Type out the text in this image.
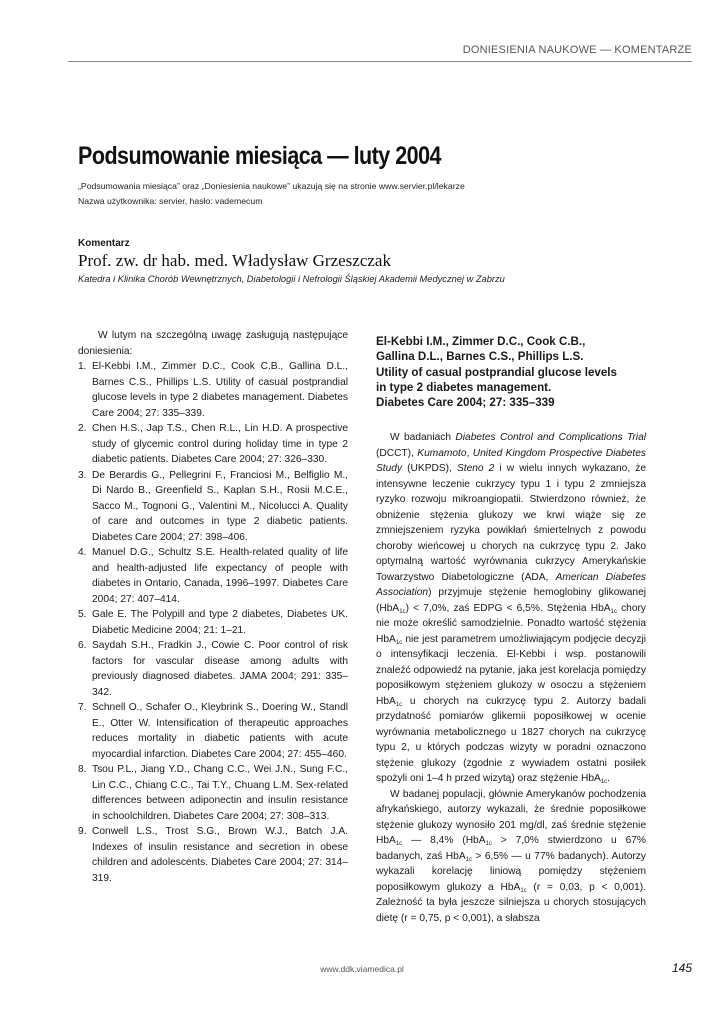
DONIESIENIA NAUKOWE — KOMENTARZE
Podsumowanie miesiąca — luty 2004
„Podsumowania miesiąca” oraz „Doniesienia naukowe” ukazują się na stronie www.servier.pl/lekarze
Nazwa użytkownika: servier, hasło: vademecum
Komentarz
Prof. zw. dr hab. med. Władysław Grzeszczak
Katedra i Klinika Chorób Wewnętrznych, Diabetologii i Nefrologii Śląskiej Akademii Medycznej w Zabrzu

W lutym na szczególną uwagę zasługują następujące doniesienia:

1. El-Kebbi I.M., Zimmer D.C., Cook C.B., Gallina D.L., Barnes C.S., Phillips L.S. Utility of casual postprandial glucose levels in type 2 diabetes management. Diabetes Care 2004; 27: 335–339.
2. Chen H.S., Jap T.S., Chen R.L., Lin H.D. A prospective study of glycemic control during holiday time in type 2 diabetic patients. Diabetes Care 2004; 27: 326–330.
3. De Berardis G., Pellegrini F., Franciosi M., Belfiglio M., Di Nardo B., Greenfield S., Kaplan S.H., Rosii M.C.E., Sacco M., Tognoni G., Valentini M., Nicolucci A. Quality of care and outcomes in type 2 diabetic patients. Diabetes Care 2004; 27: 398–406.
4. Manuel D.G., Schultz S.E. Health-related quality of life and health-adjusted life expectancy of people with diabetes in Ontario, Canada, 1996–1997. Diabetes Care 2004; 27: 407–414.
5. Gale E. The Polypill and type 2 diabetes, Diabetes UK. Diabetic Medicine 2004; 21: 1–21.
6. Saydah S.H., Fradkin J., Cowie C. Poor control of risk factors for vascular disease among adults with previously diagnosed diabetes. JAMA 2004; 291: 335–342.
7. Schnell O., Schafer O., Kleybrink S., Doering W., Standl E., Otter W. Intensification of therapeutic approaches reduces mortality in diabetic patients with acute myocardial infarction. Diabetes Care 2004; 27: 455–460.
8. Tsou P.L., Jiang Y.D., Chang C.C., Wei J.N., Sung F.C., Lin C.C., Chiang C.C., Tai T.Y., Chuang L.M. Sex-related differences between adiponectin and insulin resistance in schoolchildren. Diabetes Care 2004; 27: 308–313.
9. Conwell L.S., Trost S.G., Brown W.J., Batch J.A. Indexes of insulin resistance and secretion in obese children and adolescents. Diabetes Care 2004; 27: 314–319.
El-Kebbi I.M., Zimmer D.C., Cook C.B.,
Gallina D.L., Barnes C.S., Phillips L.S.
Utility of casual postprandial glucose levels
in type 2 diabetes management.
Diabetes Care 2004; 27: 335–339

W badaniach Diabetes Control and Complications Trial (DCCT), Kumamoto, United Kingdom Prospective Diabetes Study (UKPDS), Steno 2 i w wielu innych wykazano, że intensywne leczenie cukrzycy typu 1 i typu 2 zmniejsza ryzyko rozwoju mikroangiopatii. Stwierdzono również, że obniżenie stężenia glukozy we krwi wiąże się ze zmniejszeniem ryzyka powikłań śmiertelnych z powodu choroby wieńcowej u chorych na cukrzycę typu 2. Jako optymalną wartość wyrównania cukrzycy Amerykańskie Towarzystwo Diabetologiczne (ADA, American Diabetes Association) przyjmuje stężenie hemoglobiny glikowanej (HbA$_{1c}$) < 7,0%, zaś EDPG < 6,5%. Stężenia HbA$_{1c}$ chory nie może określić samodzielnie. Ponadto wartość stężenia HbA$_{1c}$ nie jest parametrem umożliwiającym podjęcie decyzji o intensyfikacji leczenia. El-Kebbi i wsp. postanowili znaleźć odpowiedź na pytanie, jaka jest korelacja pomiędzy poposiłkowym stężeniem glukozy w osoczu a stężeniem HbA$_{1c}$ u chorych na cukrzycę typu 2. Autorzy badali przydatność pomiarów glikemii poposiłkowej w ocenie wyrównania metabolicznego u 1827 chorych na cukrzycę typu 2, u których podczas wizyty w poradni oznaczono stężenie glukozy (zgodnie z wywiadem ostatni posiłek spożyli oni 1–4 h przed wizytą) oraz stężenie HbA$_{1c}$.

W badanej populacji, głównie Amerykanów pochodzenia afrykańskiego, autorzy wykazali, że średnie poposiłkowe stężenie glukozy wynosiło 201 mg/dl, zaś średnie stężenie HbA$_{1c}$ — 8,4% (HbA$_{1c}$ > 7,0% stwierdzono u 67% badanych, zaś HbA$_{1c}$ > 6,5% — u 77% badanych). Autorzy wykazali korelację liniową pomiędzy stężeniem poposiłkowym glukozy a HbA$_{1c}$ (r = 0,03, p < 0,001). Zależność ta była jeszcze silniejsza u chorych stosujących dietę (r = 0,75, p < 0,001), a słabsza

www.ddk.viamedica.pl	145
